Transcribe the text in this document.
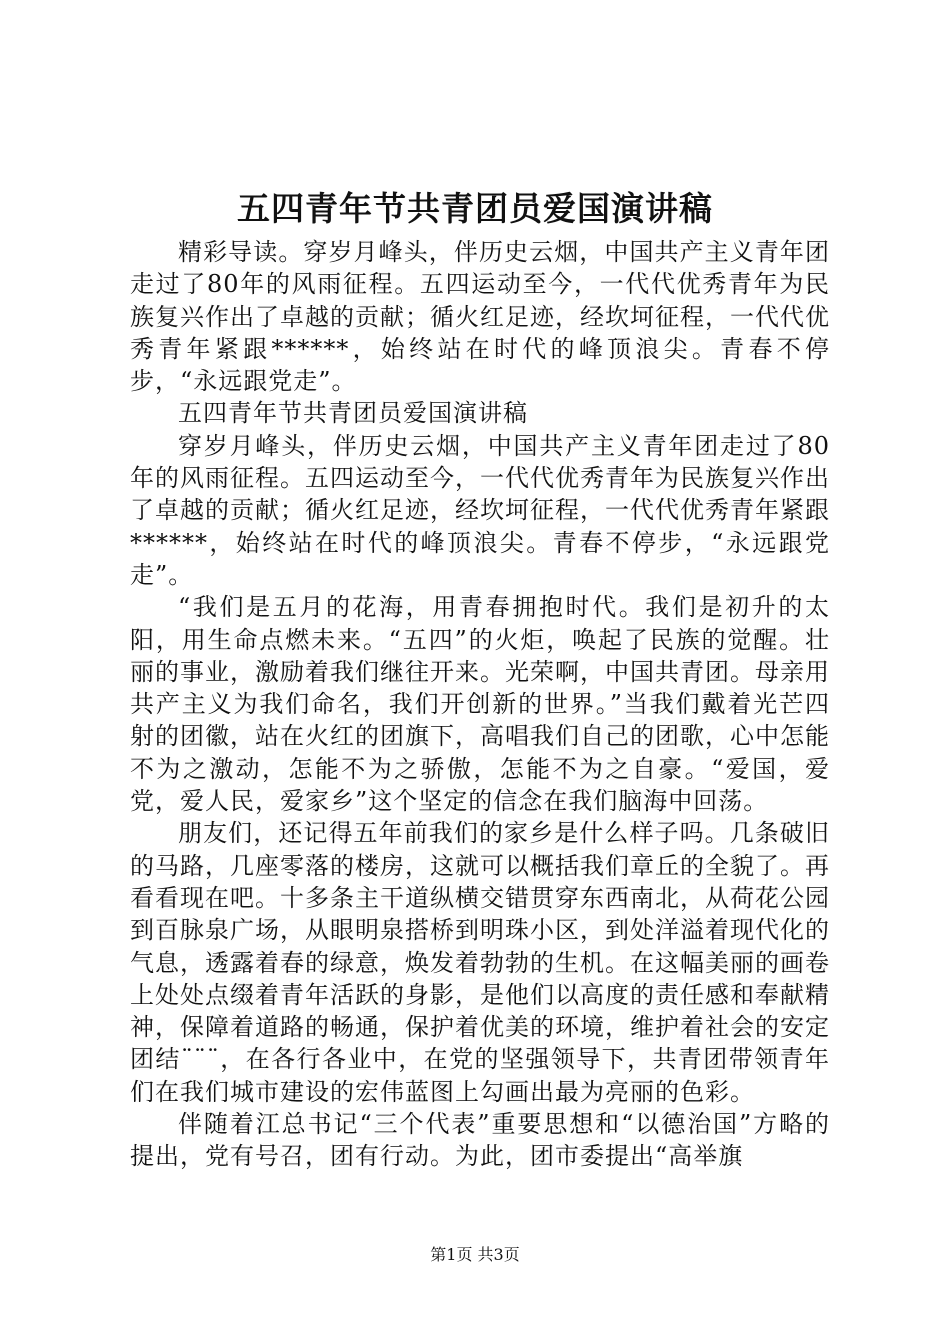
五四青年节共青团员爱国演讲稿

精彩导读。穿岁月峰头，伴历史云烟，中国共产主义青年团走过了80年的风雨征程。五四运动至今，一代代优秀青年为民族复兴作出了卓越的贡献；循火红足迹，经坎坷征程，一代代优秀青年紧跟******，始终站在时代的峰顶浪尖。青春不停步，“永远跟党走”。

五四青年节共青团员爱国演讲稿

穿岁月峰头，伴历史云烟，中国共产主义青年团走过了80年的风雨征程。五四运动至今，一代代优秀青年为民族复兴作出了卓越的贡献；循火红足迹，经坎坷征程，一代代优秀青年紧跟******，始终站在时代的峰顶浪尖。青春不停步，“永远跟党走”。

“我们是五月的花海，用青春拥抱时代。我们是初升的太阳，用生命点燃未来。“五四”的火炬，唤起了民族的觉醒。壮丽的事业，激励着我们继往开来。光荣啊，中国共青团。母亲用共产主义为我们命名，我们开创新的世界。”当我们戴着光芒四射的团徽，站在火红的团旗下，高唱我们自己的团歌，心中怎能不为之激动，怎能不为之骄傲，怎能不为之自豪。“爱国，爱党，爱人民，爱家乡”这个坚定的信念在我们脑海中回荡。

朋友们，还记得五年前我们的家乡是什么样子吗。几条破旧的马路，几座零落的楼房，这就可以概括我们章丘的全貌了。再看看现在吧。十多条主干道纵横交错贯穿东西南北，从荷花公园到百脉泉广场，从眼明泉搭桥到明珠小区，到处洋溢着现代化的气息，透露着春的绿意，焕发着勃勃的生机。在这幅美丽的画卷上处处点缀着青年活跃的身影，是他们以高度的责任感和奉献精神，保障着道路的畅通，保护着优美的环境，维护着社会的安定团结¨¨¨，在各行各业中，在党的坚强领导下，共青团带领青年们在我们城市建设的宏伟蓝图上勾画出最为亮丽的色彩。

伴随着江总书记“三个代表”重要思想和“以德治国”方略的提出，党有号召，团有行动。为此，团市委提出“高举旗

第1页 共3页
